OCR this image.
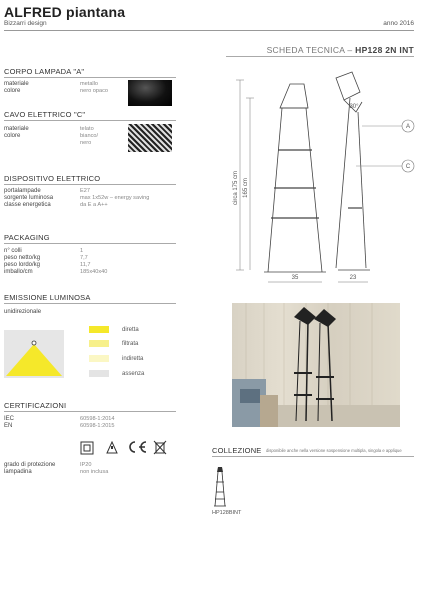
ALFRED piantana
Bizzarri design	anno 2016
SCHEDA TECNICA – HP128 2N INT
CORPO LAMPADA "A"
materiale
colore
metallo
nero opaco
CAVO ELETTRICO "C"
materiale
colore
telato
bianco/
nero
DISPOSITIVO ELETTRICO
portalampade
sorgente luminosa
classe energetica
E27
max 1x52w – energy saving
da E a A++
PACKAGING
n° colli
peso netto/kg
peso lordo/kg
imballo/cm
1
7,7
11,7
185x40x40
EMISSIONE LUMINOSA
unidirezionale
diretta
filtrata
indiretta
assenza
CERTIFICAZIONI
IEC
EN
60598-1:2014
60598-1:2015
grado di protezione
lampadina
IP20
non inclusa
circa 175 cm 165 cm
35
30°
23
A
C
COLLEZIONE disponibile anche nella versione sospensione multipla, singola e applique
HP128BINT
